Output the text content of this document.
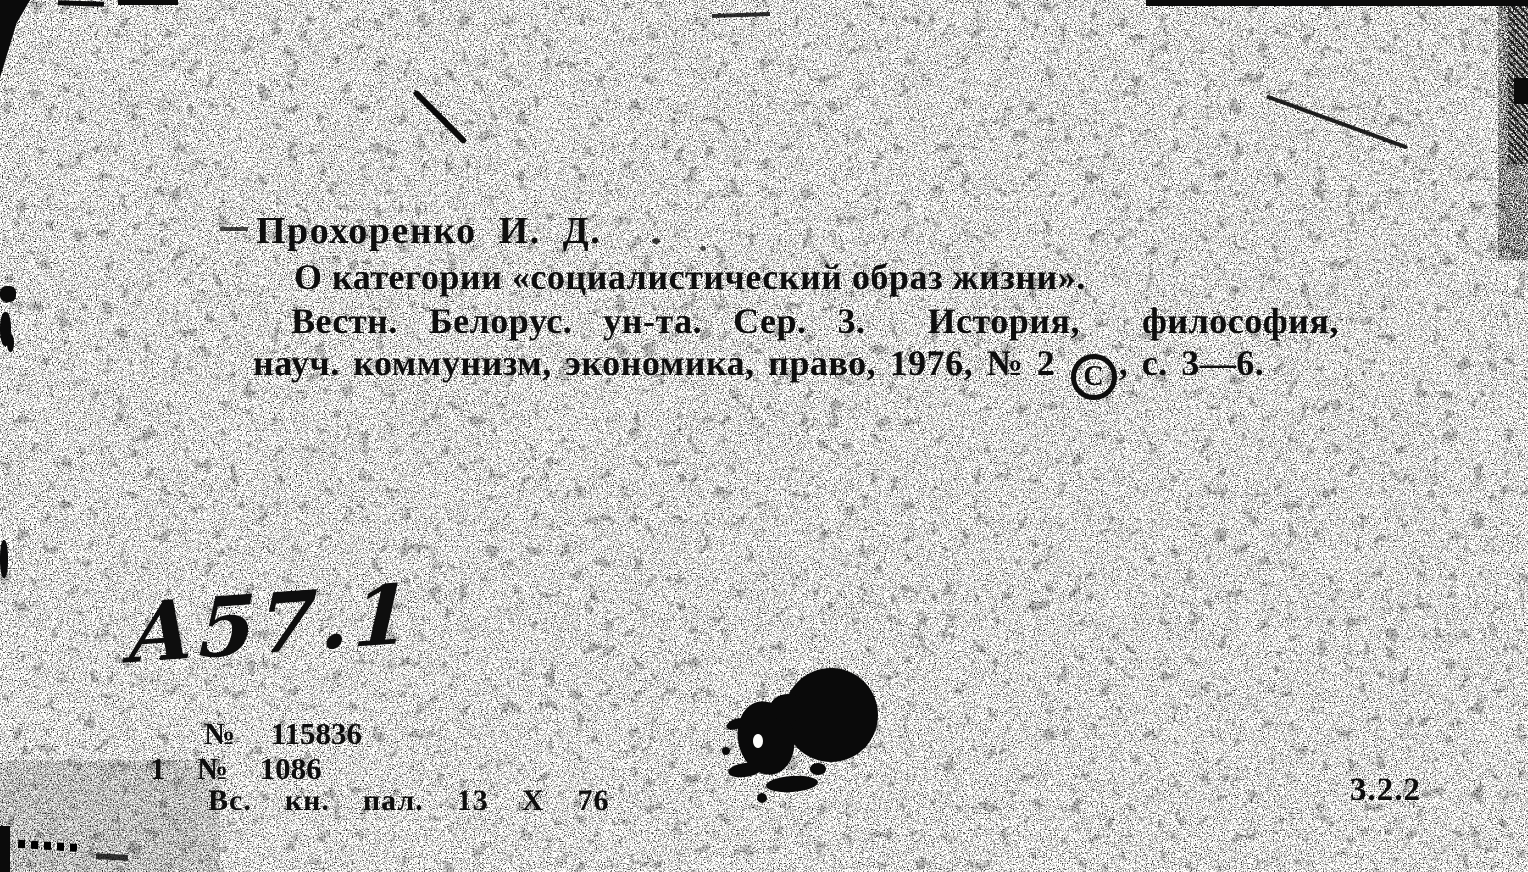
Прохоренко  И.  Д.
О категории «социалистический образ жизни».
Вестн.  Белорус.  ун-та.  Сер.  3.    История,    философия,
науч. коммунизм, экономика, право, 1976, № 2 C , с. 3—6.
А57.1
№  115836
1  №  1086
Вс.  кн.  пал.  13  X  76	3.2.2
